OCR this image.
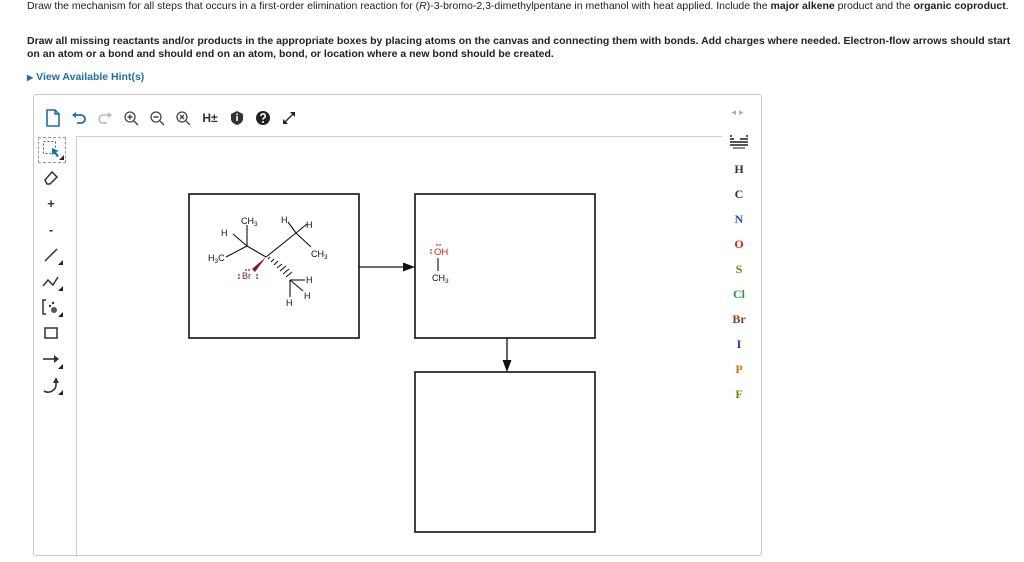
Draw the mechanism for all steps that occurs in a first-order elimination reaction for (R)-3-bromo-2,3-dimethylpentane in methanol with heat applied. Include the major alkene product and the organic coproduct.
Draw all missing reactants and/or products in the appropriate boxes by placing atoms on the canvas and connecting them with bonds. Add charges where needed. Electron-flow arrows should start on an atom or a bond and should end on an atom, bond, or location where a new bond should be created.
▶ View Available Hint(s)
H±
+
-
$CH_3$
H
H H
$H_3C$	$CH_3$
Br	H
H
H
OH
$CH_3$
◂▸
H
C
N
O
S
Cl
Br
I
P
F
